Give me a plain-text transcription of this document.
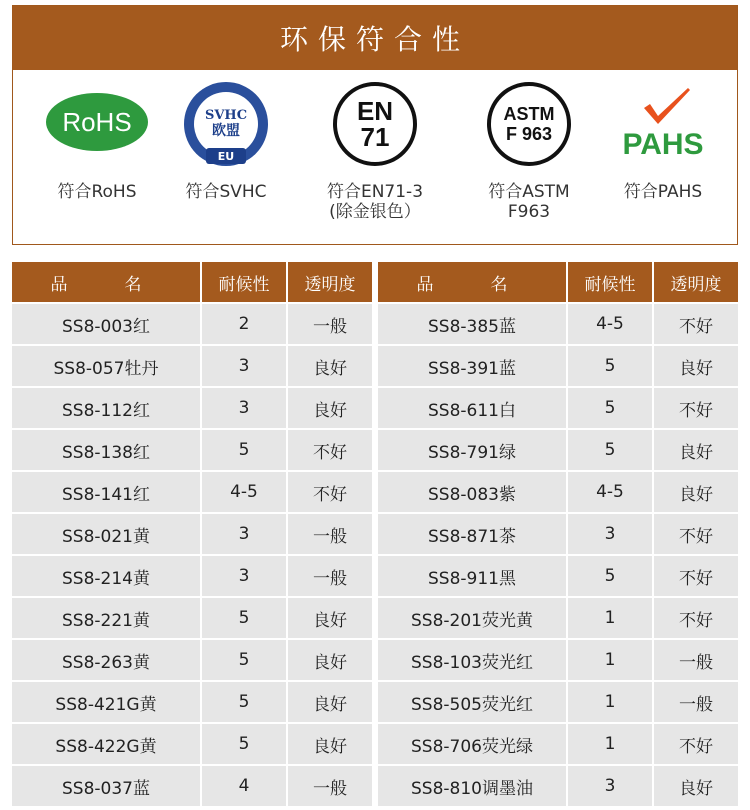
环保符合性
RoHS
符合RoHS
SVHC
欧盟
EU
符合SVHC
EN
71
符合EN71-3
(除金银色）
ASTM
F 963
符合ASTM
F963
PAHS
符合PAHS
品　名	耐候性	透明度
SS8-003红	2	一般
SS8-057牡丹	3	良好
SS8-112红	3	良好
SS8-138红	5	不好
SS8-141红	4-5	不好
SS8-021黄	3	一般
SS8-214黄	3	一般
SS8-221黄	5	良好
SS8-263黄	5	良好
SS8-421G黄	5	良好
SS8-422G黄	5	良好
SS8-037蓝	4	一般
品　名	耐候性	透明度
SS8-385蓝	4-5	不好
SS8-391蓝	5	良好
SS8-611白	5	不好
SS8-791绿	5	良好
SS8-083紫	4-5	良好
SS8-871茶	3	不好
SS8-911黑	5	不好
SS8-201荧光黄	1	不好
SS8-103荧光红	1	一般
SS8-505荧光红	1	一般
SS8-706荧光绿	1	不好
SS8-810调墨油	3	良好
